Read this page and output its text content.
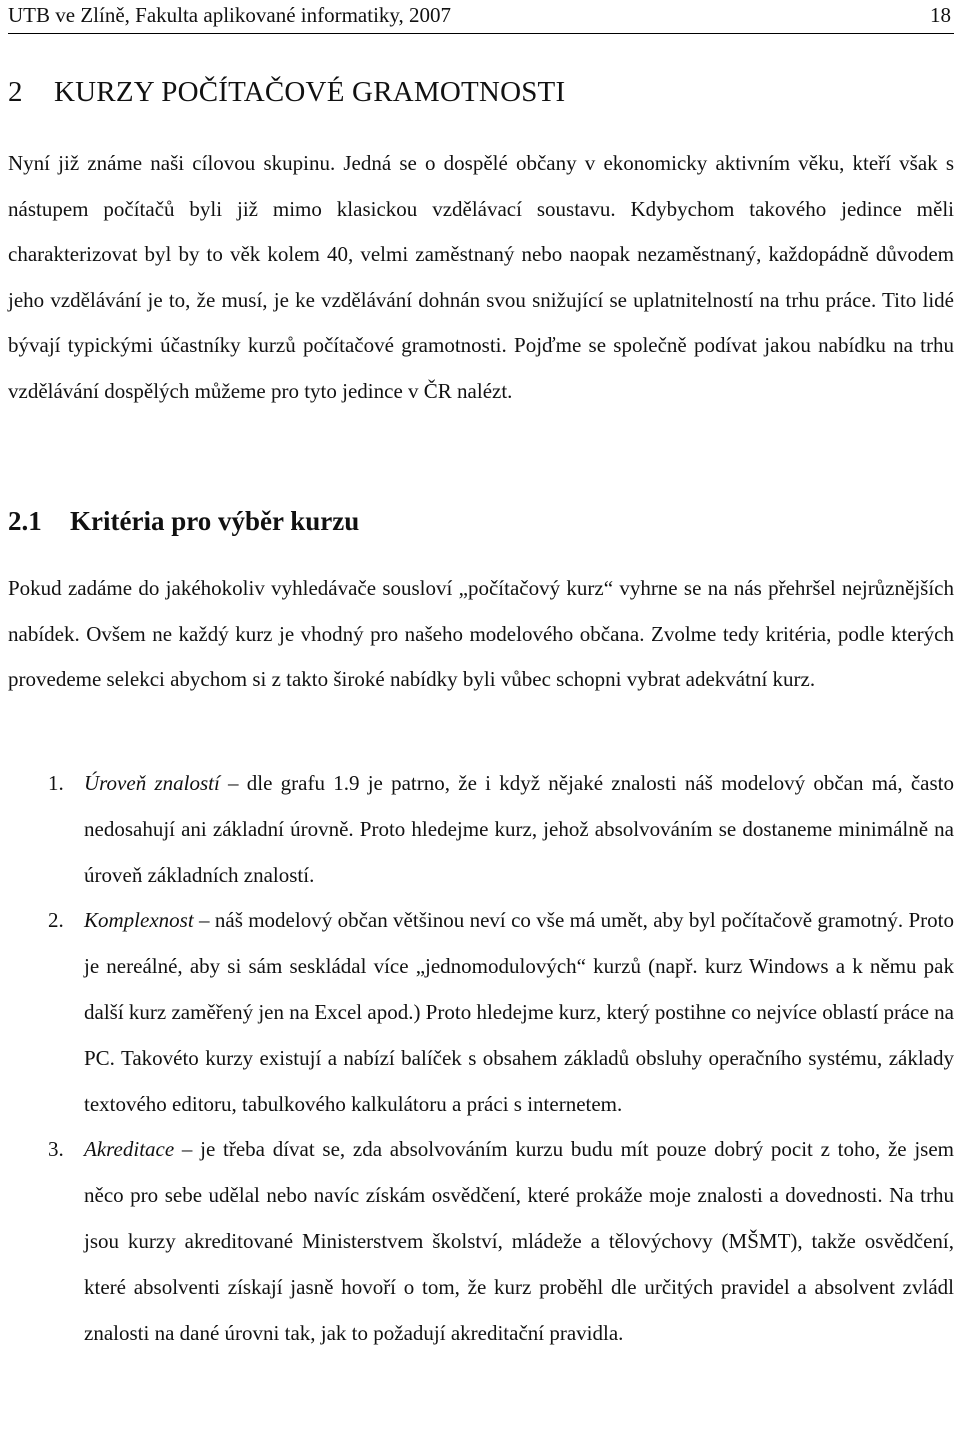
UTB ve Zlíně, Fakulta aplikované informatiky, 2007	18
2 KURZY POČÍTAČOVÉ GRAMOTNOSTI

Nyní již známe naši cílovou skupinu. Jedná se o dospělé občany v ekonomicky aktivním věku, kteří však s nástupem počítačů byli již mimo klasickou vzdělávací soustavu. Kdybychom takového jedince měli charakterizovat byl by to věk kolem 40, velmi zaměstnaný nebo naopak nezaměstnaný, každopádně důvodem jeho vzdělávání je to, že musí, je ke vzdělávání dohnán svou snižující se uplatnitelností na trhu práce. Tito lidé bývají typickými účastníky kurzů počítačové gramotnosti. Pojďme se společně podívat jakou nabídku na trhu vzdělávání dospělých můžeme pro tyto jedince v ČR nalézt.

2.1 Kritéria pro výběr kurzu

Pokud zadáme do jakéhokoliv vyhledávače sousloví „počítačový kurz“ vyhrne se na nás přehršel nejrůznějších nabídek. Ovšem ne každý kurz je vhodný pro našeho modelového občana. Zvolme tedy kritéria, podle kterých provedeme selekci abychom si z takto široké nabídky byli vůbec schopni vybrat adekvátní kurz.

1. Úroveň znalostí – dle grafu 1.9 je patrno, že i když nějaké znalosti náš modelový občan má, často nedosahují ani základní úrovně. Proto hledejme kurz, jehož absolvováním se dostaneme minimálně na úroveň základních znalostí.
2. Komplexnost – náš modelový občan většinou neví co vše má umět, aby byl počítačově gramotný. Proto je nereálné, aby si sám seskládal více „jednomodulových“ kurzů (např. kurz Windows a k němu pak další kurz zaměřený jen na Excel apod.) Proto hledejme kurz, který postihne co nejvíce oblastí práce na PC. Takovéto kurzy existují a nabízí balíček s obsahem základů obsluhy operačního systému, základy textového editoru, tabulkového kalkulátoru a práci s internetem.
3. Akreditace – je třeba dívat se, zda absolvováním kurzu budu mít pouze dobrý pocit z toho, že jsem něco pro sebe udělal nebo navíc získám osvědčení, které prokáže moje znalosti a dovednosti. Na trhu jsou kurzy akreditované Ministerstvem školství, mládeže a tělovýchovy (MŠMT), takže osvědčení, které absolventi získají jasně hovoří o tom, že kurz proběhl dle určitých pravidel a absolvent zvládl znalosti na dané úrovni tak, jak to požadují akreditační pravidla.
